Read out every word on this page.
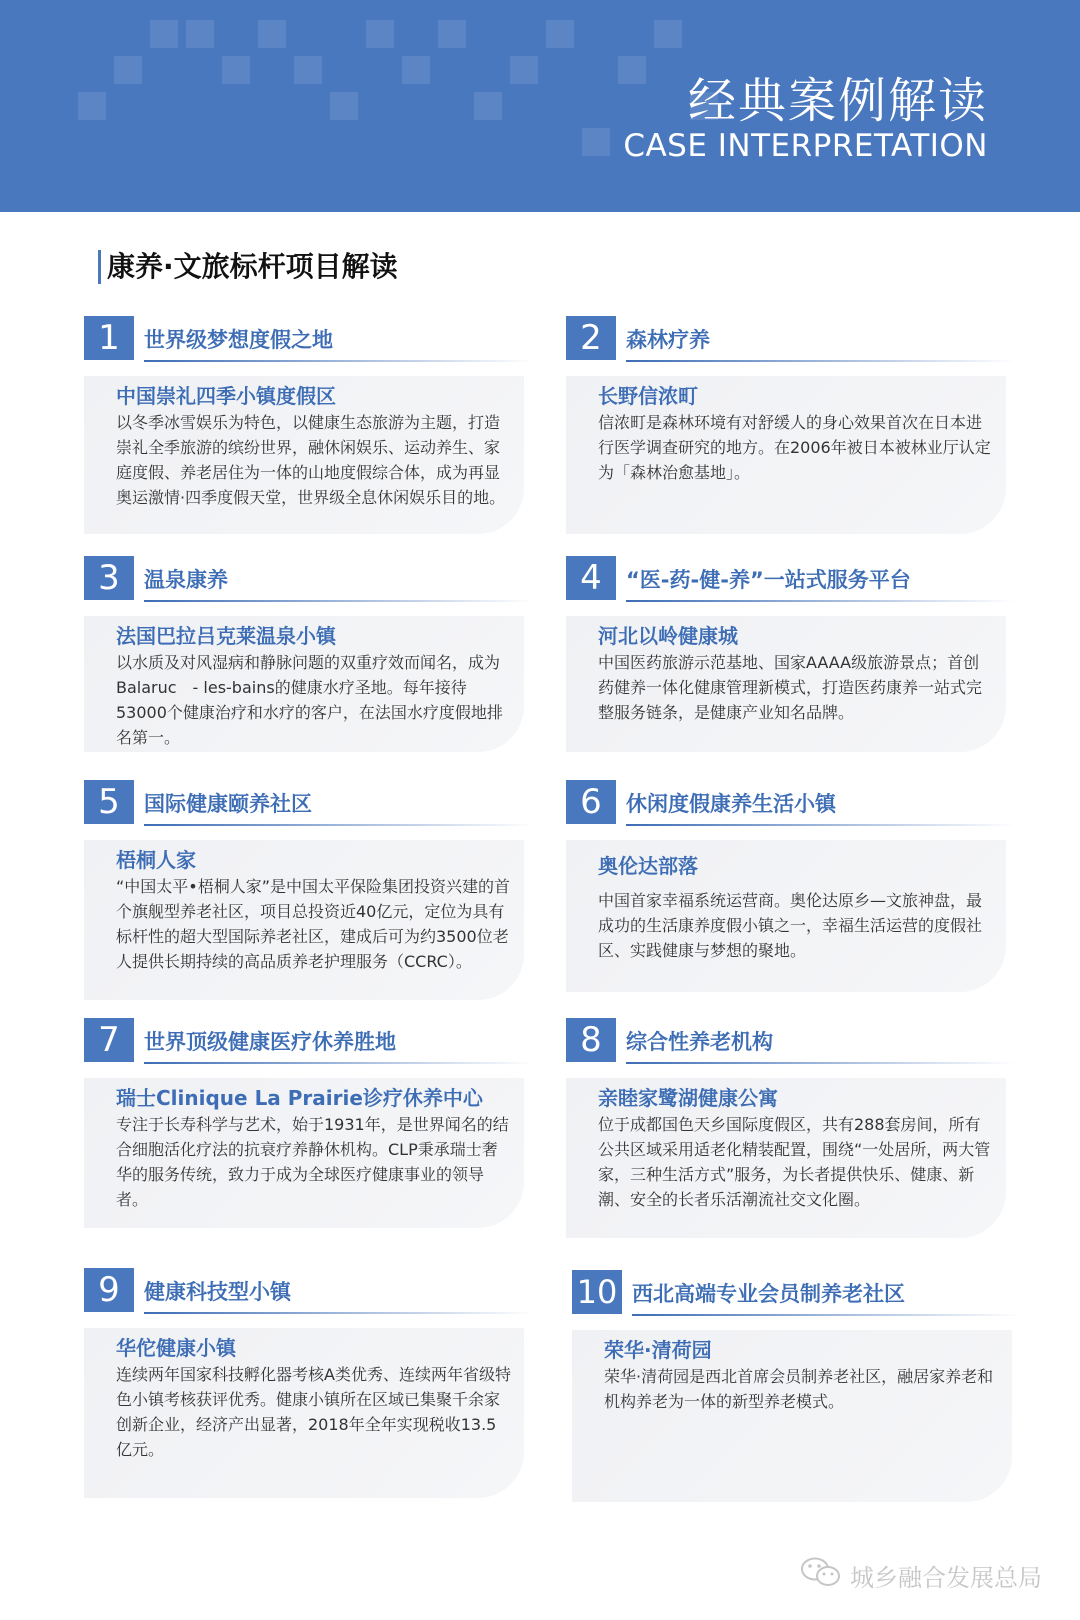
经典案例解读
CASE INTERPRETATION
康养·文旅标杆项目解读
1	世界级梦想度假之地
中国崇礼四季小镇度假区
以冬季冰雪娱乐为特色，以健康生态旅游为主题，打造崇礼全季旅游的缤纷世界，融休闲娱乐、运动养生、家庭度假、养老居住为一体的山地度假综合体，成为再显奥运激情·四季度假天堂，世界级全息休闲娱乐目的地。
2	森林疗养
长野信浓町
信浓町是森林环境有对舒缓人的身心效果首次在日本进行医学调查研究的地方。在2006年被日本被林业厅认定为「森林治愈基地」。
3	温泉康养
法国巴拉吕克莱温泉小镇
以水质及对风湿病和静脉问题的双重疗效而闻名，成为Balaruc　- les-bains的健康水疗圣地。每年接待53000个健康治疗和水疗的客户，在法国水疗度假地排名第一。
4	“医-药-健-养”一站式服务平台
河北以岭健康城
中国医药旅游示范基地、国家AAAA级旅游景点；首创药健养一体化健康管理新模式，打造医药康养一站式完整服务链条，是健康产业知名品牌。
5	国际健康颐养社区
梧桐人家
“中国太平•梧桐人家”是中国太平保险集团投资兴建的首个旗舰型养老社区，项目总投资近40亿元，定位为具有标杆性的超大型国际养老社区，建成后可为约3500位老人提供长期持续的高品质养老护理服务（CCRC）。
6	休闲度假康养生活小镇
奥伦达部落
中国首家幸福系统运营商。奥伦达原乡—文旅神盘，最成功的生活康养度假小镇之一，幸福生活运营的度假社区、实践健康与梦想的聚地。
7	世界顶级健康医疗休养胜地
瑞士Clinique La Prairie诊疗休养中心
专注于长寿科学与艺术，始于1931年，是世界闻名的结合细胞活化疗法的抗衰疗养静休机构。CLP秉承瑞士奢华的服务传统，致力于成为全球医疗健康事业的领导者。
8	综合性养老机构
亲睦家鹭湖健康公寓
位于成都国色天乡国际度假区，共有288套房间，所有公共区域采用适老化精装配置，围绕“一处居所，两大管家，三种生活方式”服务，为长者提供快乐、健康、新潮、安全的长者乐活潮流社交文化圈。
9	健康科技型小镇
华佗健康小镇
连续两年国家科技孵化器考核A类优秀、连续两年省级特色小镇考核获评优秀。健康小镇所在区域已集聚千余家创新企业，经济产出显著，2018年全年实现税收13.5亿元。
10 西北高端专业会员制养老社区
荣华·清荷园
荣华·清荷园是西北首席会员制养老社区，融居家养老和机构养老为一体的新型养老模式。
城乡融合发展总局
